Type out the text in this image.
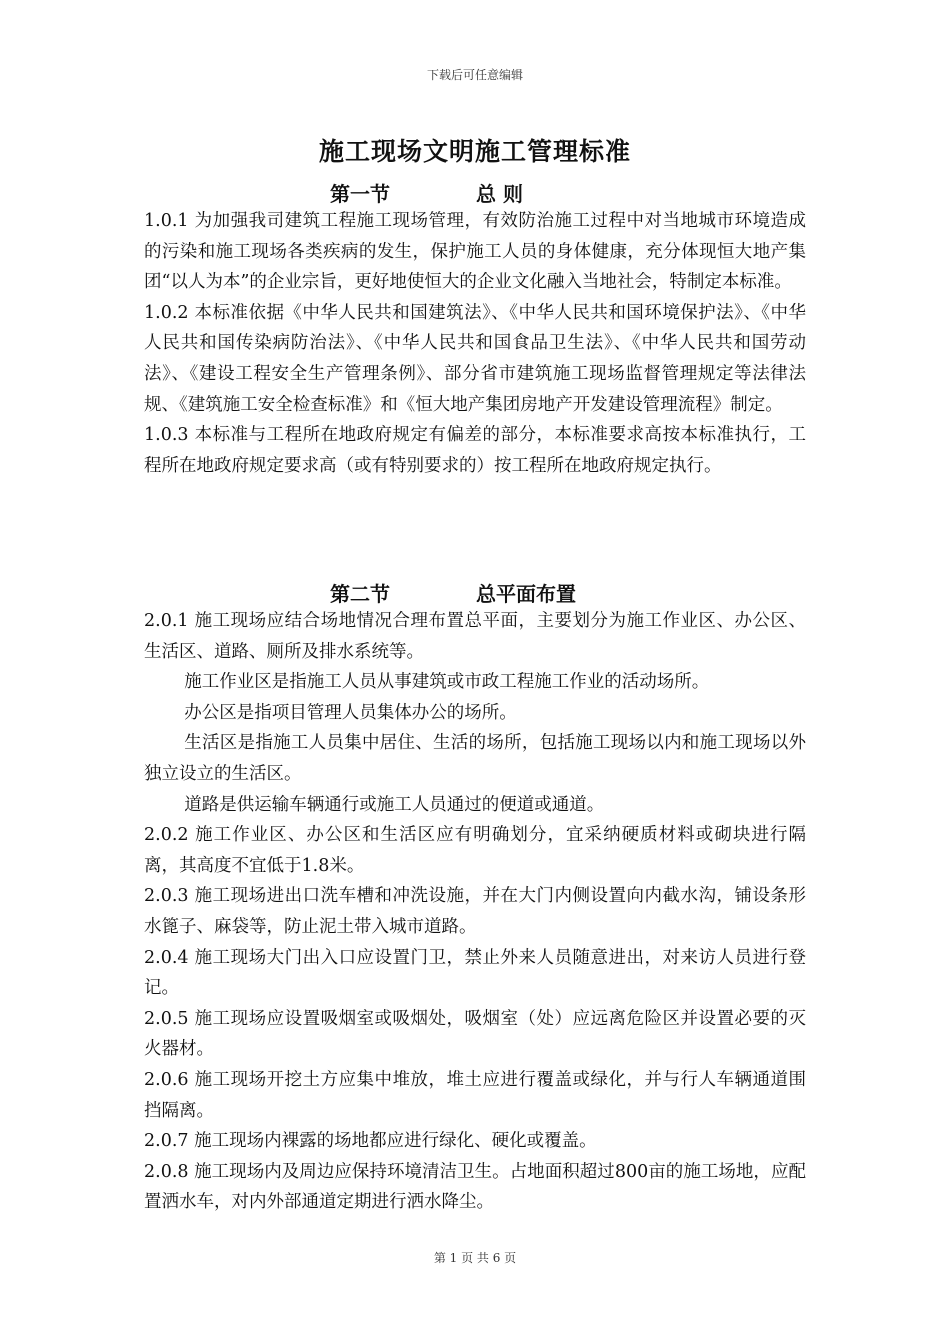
下载后可任意编辑
施工现场文明施工管理标准
第一节	总 则

1.0.1 为加强我司建筑工程施工现场管理，有效防治施工过程中对当地城市环境造成的污染和施工现场各类疾病的发生，保护施工人员的身体健康，充分体现恒大地产集团“以人为本”的企业宗旨，更好地使恒大的企业文化融入当地社会，特制定本标准。

1.0.2 本标准依据《中华人民共和国建筑法》、《中华人民共和国环境保护法》、《中华人民共和国传染病防治法》、《中华人民共和国食品卫生法》、《中华人民共和国劳动法》、《建设工程安全生产管理条例》、部分省市建筑施工现场监督管理规定等法律法规、《建筑施工安全检查标准》和《恒大地产集团房地产开发建设管理流程》制定。

1.0.3 本标准与工程所在地政府规定有偏差的部分，本标准要求高按本标准执行，工程所在地政府规定要求高（或有特别要求的）按工程所在地政府规定执行。

第二节	总平面布置

2.0.1 施工现场应结合场地情况合理布置总平面，主要划分为施工作业区、办公区、生活区、道路、厕所及排水系统等。

施工作业区是指施工人员从事建筑或市政工程施工作业的活动场所。

办公区是指项目管理人员集体办公的场所。

生活区是指施工人员集中居住、生活的场所，包括施工现场以内和施工现场以外独立设立的生活区。

道路是供运输车辆通行或施工人员通过的便道或通道。

2.0.2 施工作业区、办公区和生活区应有明确划分，宜采纳硬质材料或砌块进行隔离，其高度不宜低于1.8米。

2.0.3 施工现场进出口洗车槽和冲洗设施，并在大门内侧设置向内截水沟，铺设条形水篦子、麻袋等，防止泥土带入城市道路。

2.0.4 施工现场大门出入口应设置门卫，禁止外来人员随意进出，对来访人员进行登记。

2.0.5 施工现场应设置吸烟室或吸烟处，吸烟室（处）应远离危险区并设置必要的灭火器材。

2.0.6 施工现场开挖土方应集中堆放，堆土应进行覆盖或绿化，并与行人车辆通道围挡隔离。

2.0.7 施工现场内裸露的场地都应进行绿化、硬化或覆盖。

2.0.8 施工现场内及周边应保持环境清洁卫生。占地面积超过800亩的施工场地，应配置洒水车，对内外部通道定期进行洒水降尘。

第 1 页 共 6 页
